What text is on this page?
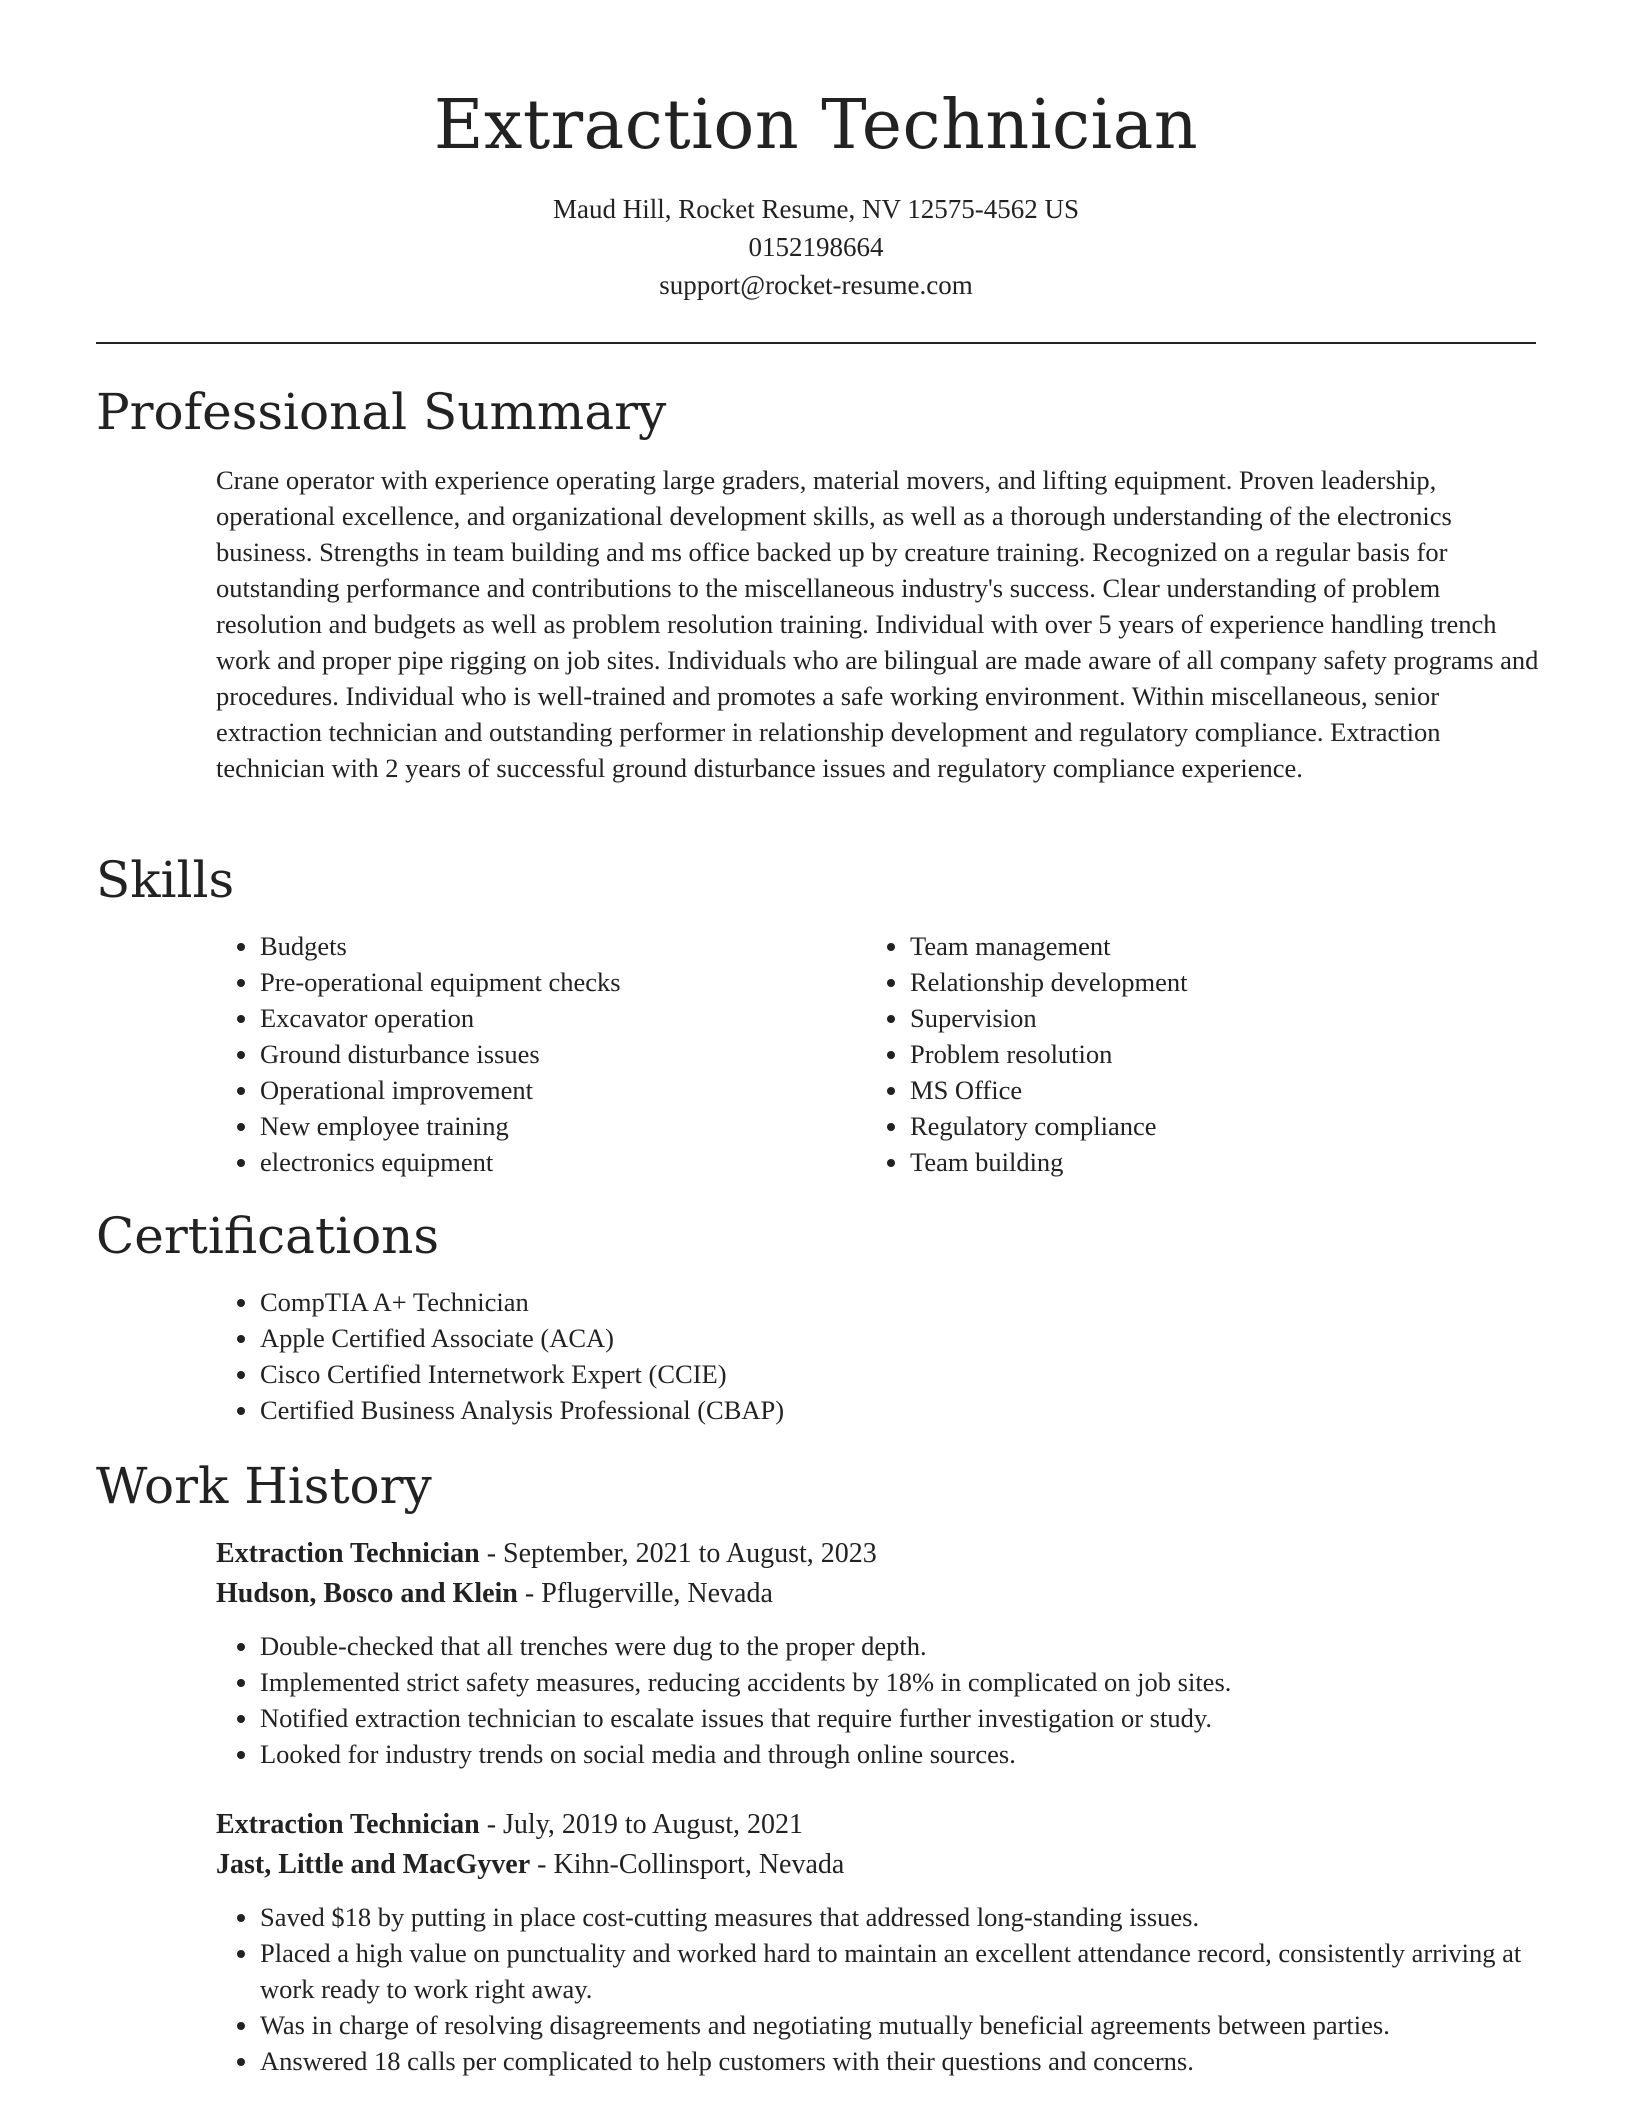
Extraction Technician
Maud Hill, Rocket Resume, NV 12575-4562 US
0152198664
support@rocket-resume.com
Professional Summary

Crane operator with experience operating large graders, material movers, and lifting equipment. Proven leadership, operational excellence, and organizational development skills, as well as a thorough understanding of the electronics business. Strengths in team building and ms office backed up by creature training. Recognized on a regular basis for outstanding performance and contributions to the miscellaneous industry's success. Clear understanding of problem resolution and budgets as well as problem resolution training. Individual with over 5 years of experience handling trench work and proper pipe rigging on job sites. Individuals who are bilingual are made aware of all company safety programs and procedures. Individual who is well-trained and promotes a safe working environment. Within miscellaneous, senior extraction technician and outstanding performer in relationship development and regulatory compliance. Extraction technician with 2 years of successful ground disturbance issues and regulatory compliance experience.

Skills
• Budgets
• Pre-operational equipment checks
• Excavator operation
• Ground disturbance issues
• Operational improvement
• New employee training
• electronics equipment
• Team management
• Relationship development
• Supervision
• Problem resolution
• MS Office
• Regulatory compliance
• Team building
Certifications
• CompTIA A+ Technician
• Apple Certified Associate (ACA)
• Cisco Certified Internetwork Expert (CCIE)
• Certified Business Analysis Professional (CBAP)
Work History

Extraction Technician - September, 2021 to August, 2023

Hudson, Bosco and Klein - Pflugerville, Nevada

• Double-checked that all trenches were dug to the proper depth.
• Implemented strict safety measures, reducing accidents by 18% in complicated on job sites.
• Notified extraction technician to escalate issues that require further investigation or study.
• Looked for industry trends on social media and through online sources.

Extraction Technician - July, 2019 to August, 2021

Jast, Little and MacGyver - Kihn-Collinsport, Nevada

• Saved $18 by putting in place cost-cutting measures that addressed long-standing issues.
• Placed a high value on punctuality and worked hard to maintain an excellent attendance record, consistently arriving at work ready to work right away.
• Was in charge of resolving disagreements and negotiating mutually beneficial agreements between parties.
• Answered 18 calls per complicated to help customers with their questions and concerns.
